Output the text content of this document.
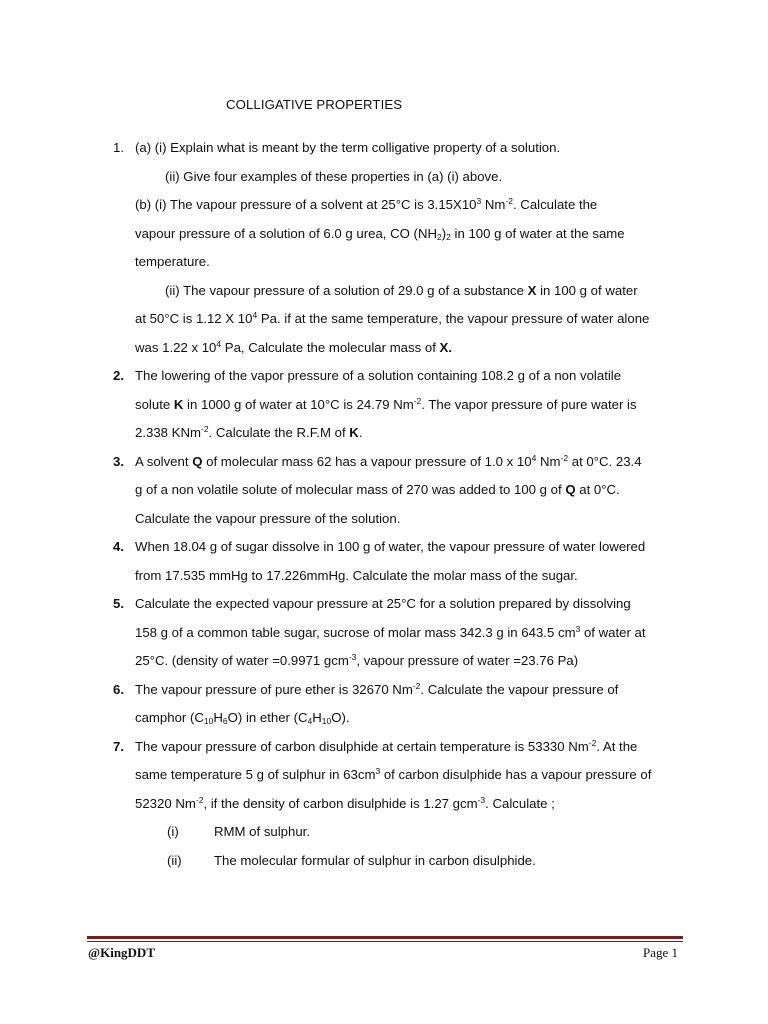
COLLIGATIVE PROPERTIES
1. (a) (i) Explain what is meant by the term colligative property of a solution.
(ii) Give four examples of these properties in (a) (i) above.
(b) (i) The vapour pressure of a solvent at 25°C is $3.15X10^3$ $Nm^{-2}$. Calculate the
vapour pressure of a solution of 6.0 g urea, CO $(NH_2)_2$ in 100 g of water at the same
temperature.
(ii) The vapour pressure of a solution of 29.0 g of a substance X in 100 g of water
at 50°C is 1.12 X $10^4$ Pa. if at the same temperature, the vapour pressure of water alone
was 1.22 x $10^4$ Pa, Calculate the molecular mass of X.
2. The lowering of the vapor pressure of a solution containing 108.2 g of a non volatile
solute K in 1000 g of water at 10°C is 24.79 $Nm^{-2}$. The vapor pressure of pure water is
2.338 KNm$^{-2}$. Calculate the R.F.M of K.
3. A solvent Q of molecular mass 62 has a vapour pressure of 1.0 x $10^4$ $Nm^{-2}$ at 0°C. 23.4
g of a non volatile solute of molecular mass of 270 was added to 100 g of Q at 0°C.
Calculate the vapour pressure of the solution.
4. When 18.04 g of sugar dissolve in 100 g of water, the vapour pressure of water lowered
from 17.535 mmHg to 17.226mmHg. Calculate the molar mass of the sugar.
5. Calculate the expected vapour pressure at 25°C for a solution prepared by dissolving
158 g of a common table sugar, sucrose of molar mass 342.3 g in 643.5 $cm^3$ of water at
25°C. (density of water =0.9971 gcm$^{-3}$, vapour pressure of water =23.76 Pa)
6. The vapour pressure of pure ether is 32670 $Nm^{-2}$. Calculate the vapour pressure of
camphor $(C_{10}H_6O)$ in ether $(C_4H_{10}O)$.
7. The vapour pressure of carbon disulphide at certain temperature is 53330 $Nm^{-2}$. At the
same temperature 5 g of sulphur in $63cm^3$ of carbon disulphide has a vapour pressure of
52320 $Nm^{-2}$, if the density of carbon disulphide is 1.27 gcm$^{-3}$. Calculate ;
(i)	RMM of sulphur.
(ii) The molecular formular of sulphur in carbon disulphide.
@KingDDT	Page 1
